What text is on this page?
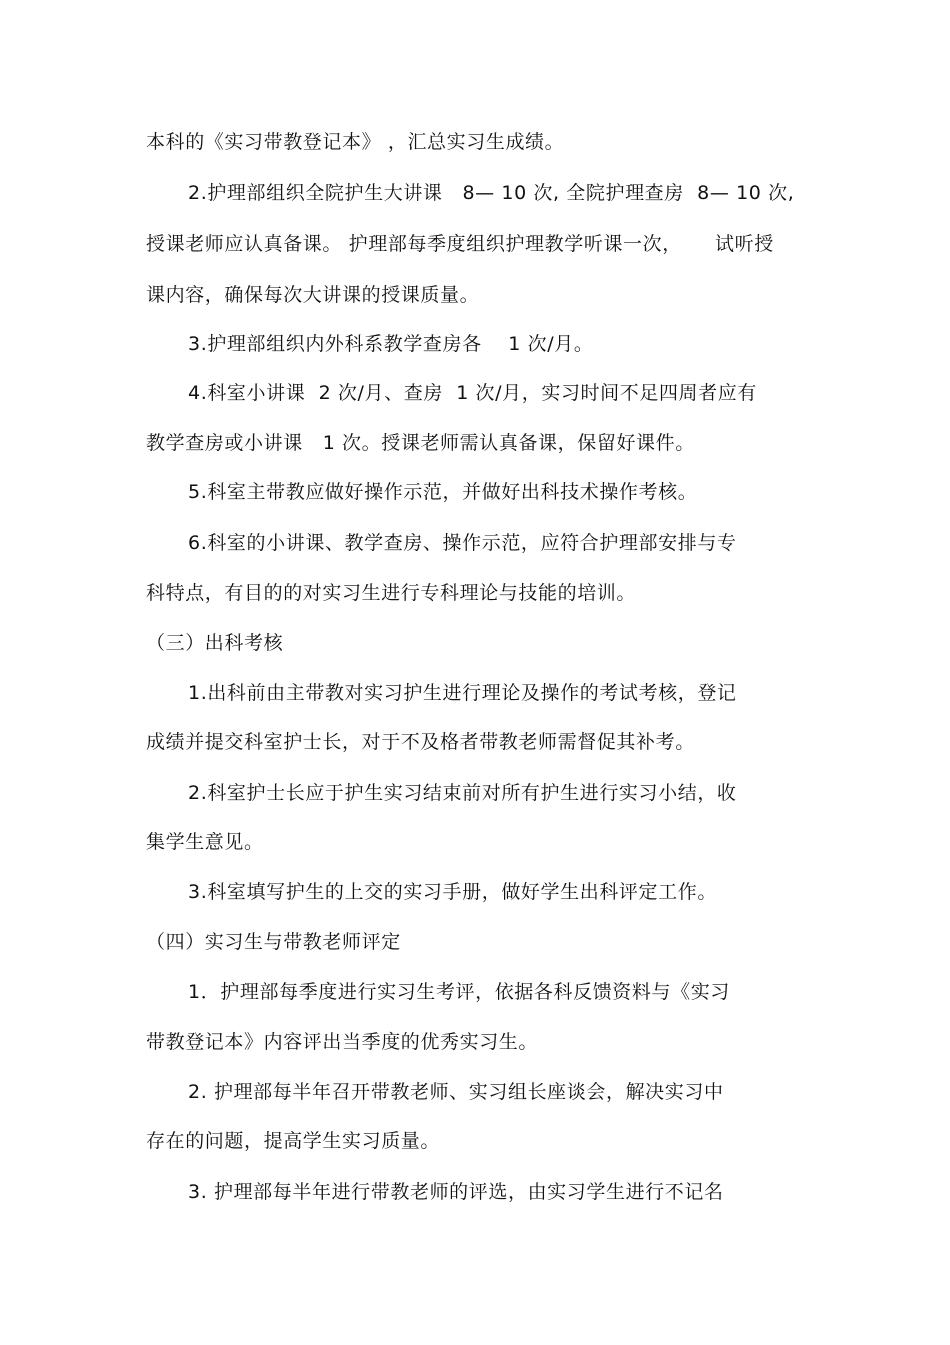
本科的《实习带教登记本》 ，汇总实习生成绩。
2.护理部组织全院护生大讲课   8— 10 次, 全院护理查房  8— 10 次,
授课老师应认真备课。 护理部每季度组织护理教学听课一次，     试听授
课内容，确保每次大讲课的授课质量。
3.护理部组织内外科系教学查房各    1 次/月。
4.科室小讲课  2 次/月、查房  1 次/月，实习时间不足四周者应有
教学查房或小讲课   1 次。授课老师需认真备课，保留好课件。
5.科室主带教应做好操作示范，并做好出科技术操作考核。
6.科室的小讲课、教学查房、操作示范，应符合护理部安排与专
科特点，有目的的对实习生进行专科理论与技能的培训。
（三）出科考核
1.出科前由主带教对实习护生进行理论及操作的考试考核，登记
成绩并提交科室护士长，对于不及格者带教老师需督促其补考。
2.科室护士长应于护生实习结束前对所有护生进行实习小结，收
集学生意见。
3.科室填写护生的上交的实习手册，做好学生出科评定工作。
（四）实习生与带教老师评定
1．护理部每季度进行实习生考评，依据各科反馈资料与《实习
带教登记本》内容评出当季度的优秀实习生。
2. 护理部每半年召开带教老师、实习组长座谈会，解决实习中
存在的问题，提高学生实习质量。
3. 护理部每半年进行带教老师的评选，由实习学生进行不记名
